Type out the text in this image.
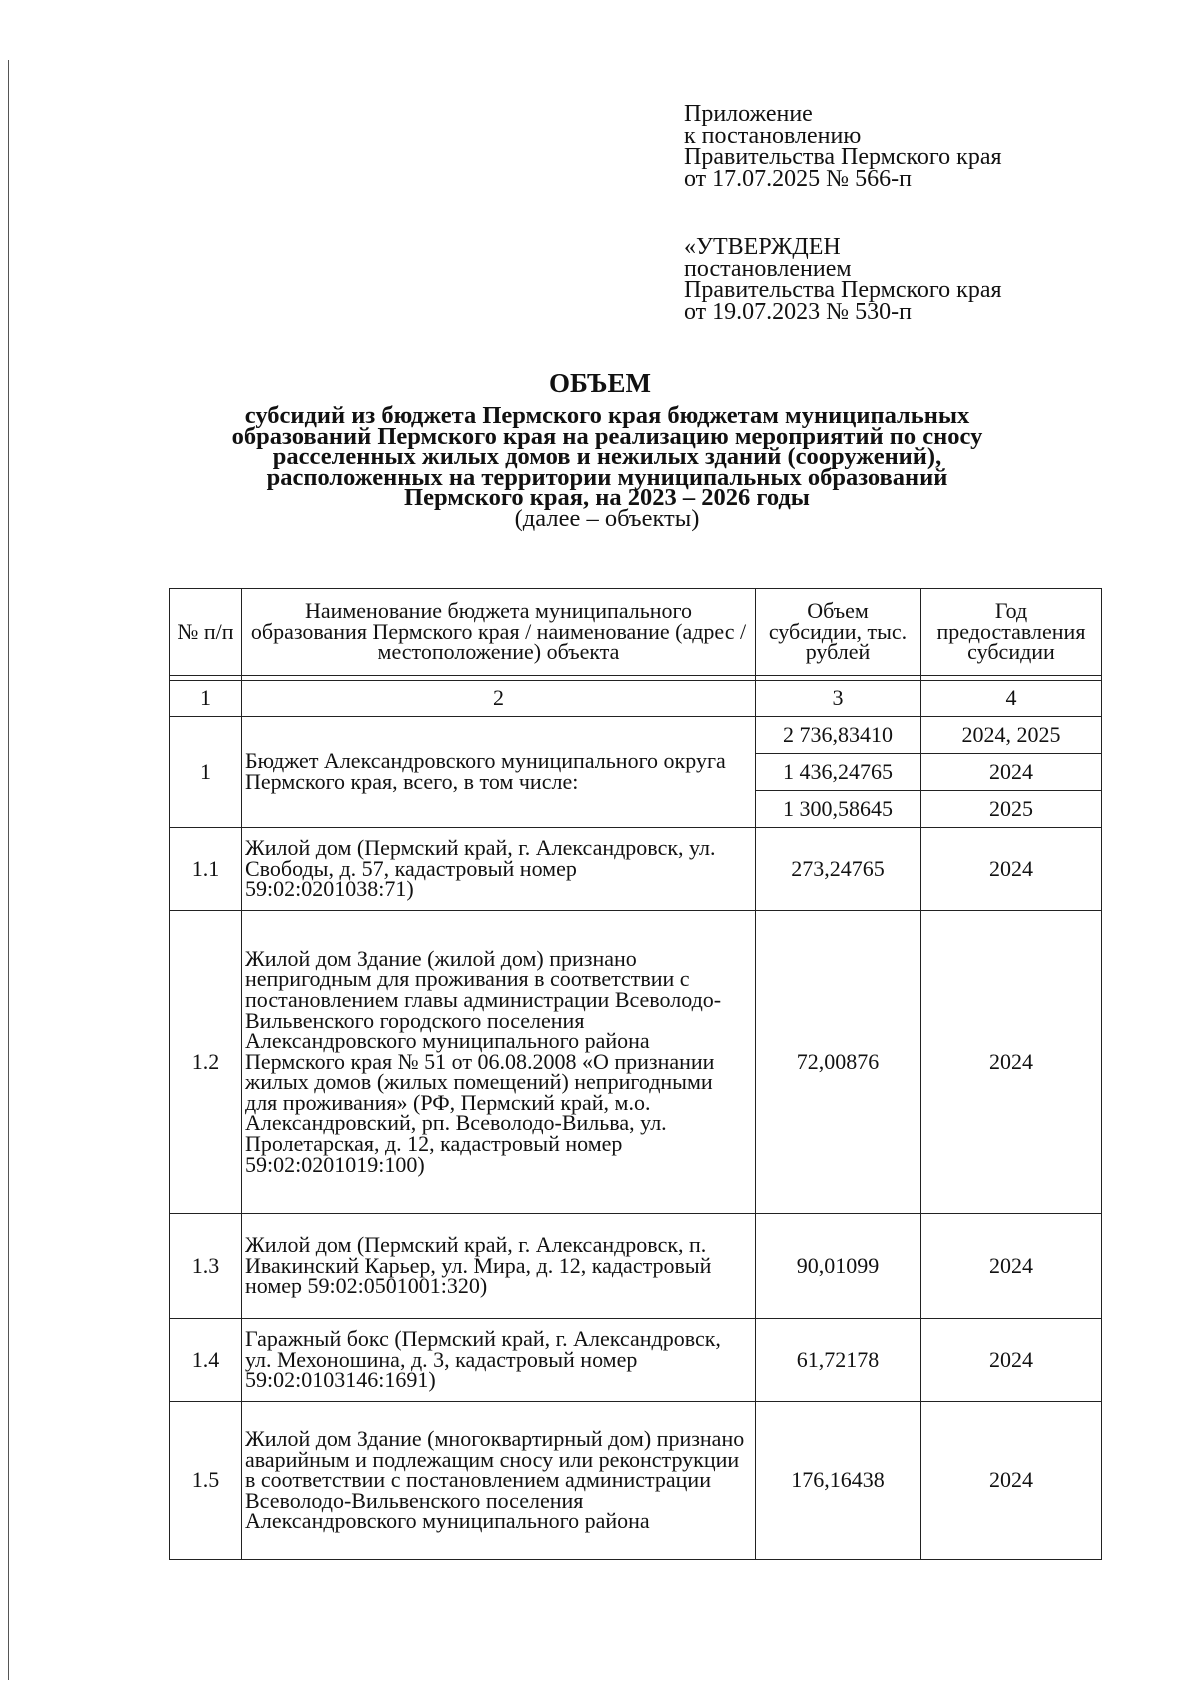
Приложение
к постановлению
Правительства Пермского края
от 17.07.2025 № 566-п
«УТВЕРЖДЕН
постановлением
Правительства Пермского края
от 19.07.2023 № 530-п
ОБЪЕМ
субсидий из бюджета Пермского края бюджетам муниципальных
образований Пермского края на реализацию мероприятий по сносу
расселенных жилых домов и нежилых зданий (сооружений),
расположенных на территории муниципальных образований
Пермского края, на 2023 – 2026 годы
(далее – объекты)
№ п/п	Наименование бюджета муниципального образования Пермского края / наименование (адрес / местоположение) объекта	Объем субсидии, тыс. рублей	Год предоставления субсидии

1	2	3	4
1	Бюджет Александровского муниципального округа Пермского края, всего, в том числе:	2 736,83410	2024, 2025
		1 436,24765	2024
		1 300,58645	2025
1.1	Жилой дом (Пермский край, г. Александровск, ул. Свободы, д. 57, кадастровый номер 59:02:0201038:71)	273,24765	2024
1.2	Жилой дом Здание (жилой дом) признано непригодным для проживания в соответствии с постановлением главы администрации Всеволодо-Вильвенского городского поселения Александровского муниципального района Пермского края № 51 от 06.08.2008 «О признании жилых домов (жилых помещений) непригодными для проживания» (РФ, Пермский край, м.о. Александровский, рп. Всеволодо-Вильва, ул. Пролетарская, д. 12, кадастровый номер 59:02:0201019:100)	72,00876	2024
1.3	Жилой дом (Пермский край, г. Александровск, п. Ивакинский Карьер, ул. Мира, д. 12, кадастровый номер 59:02:0501001:320)	90,01099	2024
1.4	Гаражный бокс (Пермский край, г. Александровск, ул. Мехоношина, д. 3, кадастровый номер 59:02:0103146:1691)	61,72178	2024
1.5	Жилой дом Здание (многоквартирный дом) признано аварийным и подлежащим сносу или реконструкции в соответствии с постановлением администрации Всеволодо-Вильвенского поселения Александровского муниципального района	176,16438	2024
